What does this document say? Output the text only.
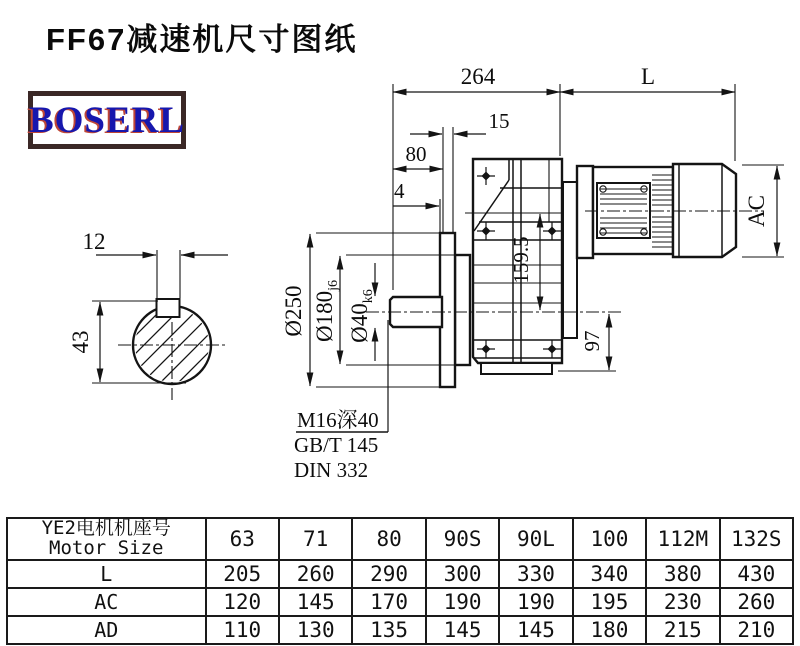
FF67减速机尺寸图纸
BOSERL
12
43
264	L
15
80
4
Ø250 Ø180j6
Ø40k6
159.5
97
AC
M16深40
GB/T 145
DIN 332
YE2电机机座号
Motor Size	63	71	80	90S	90L	100	112M	132S
L	205	260	290	300	330	340	380	430
AC	120	145	170	190	190	195	230	260
AD	110	130	135	145	145	180	215	210
